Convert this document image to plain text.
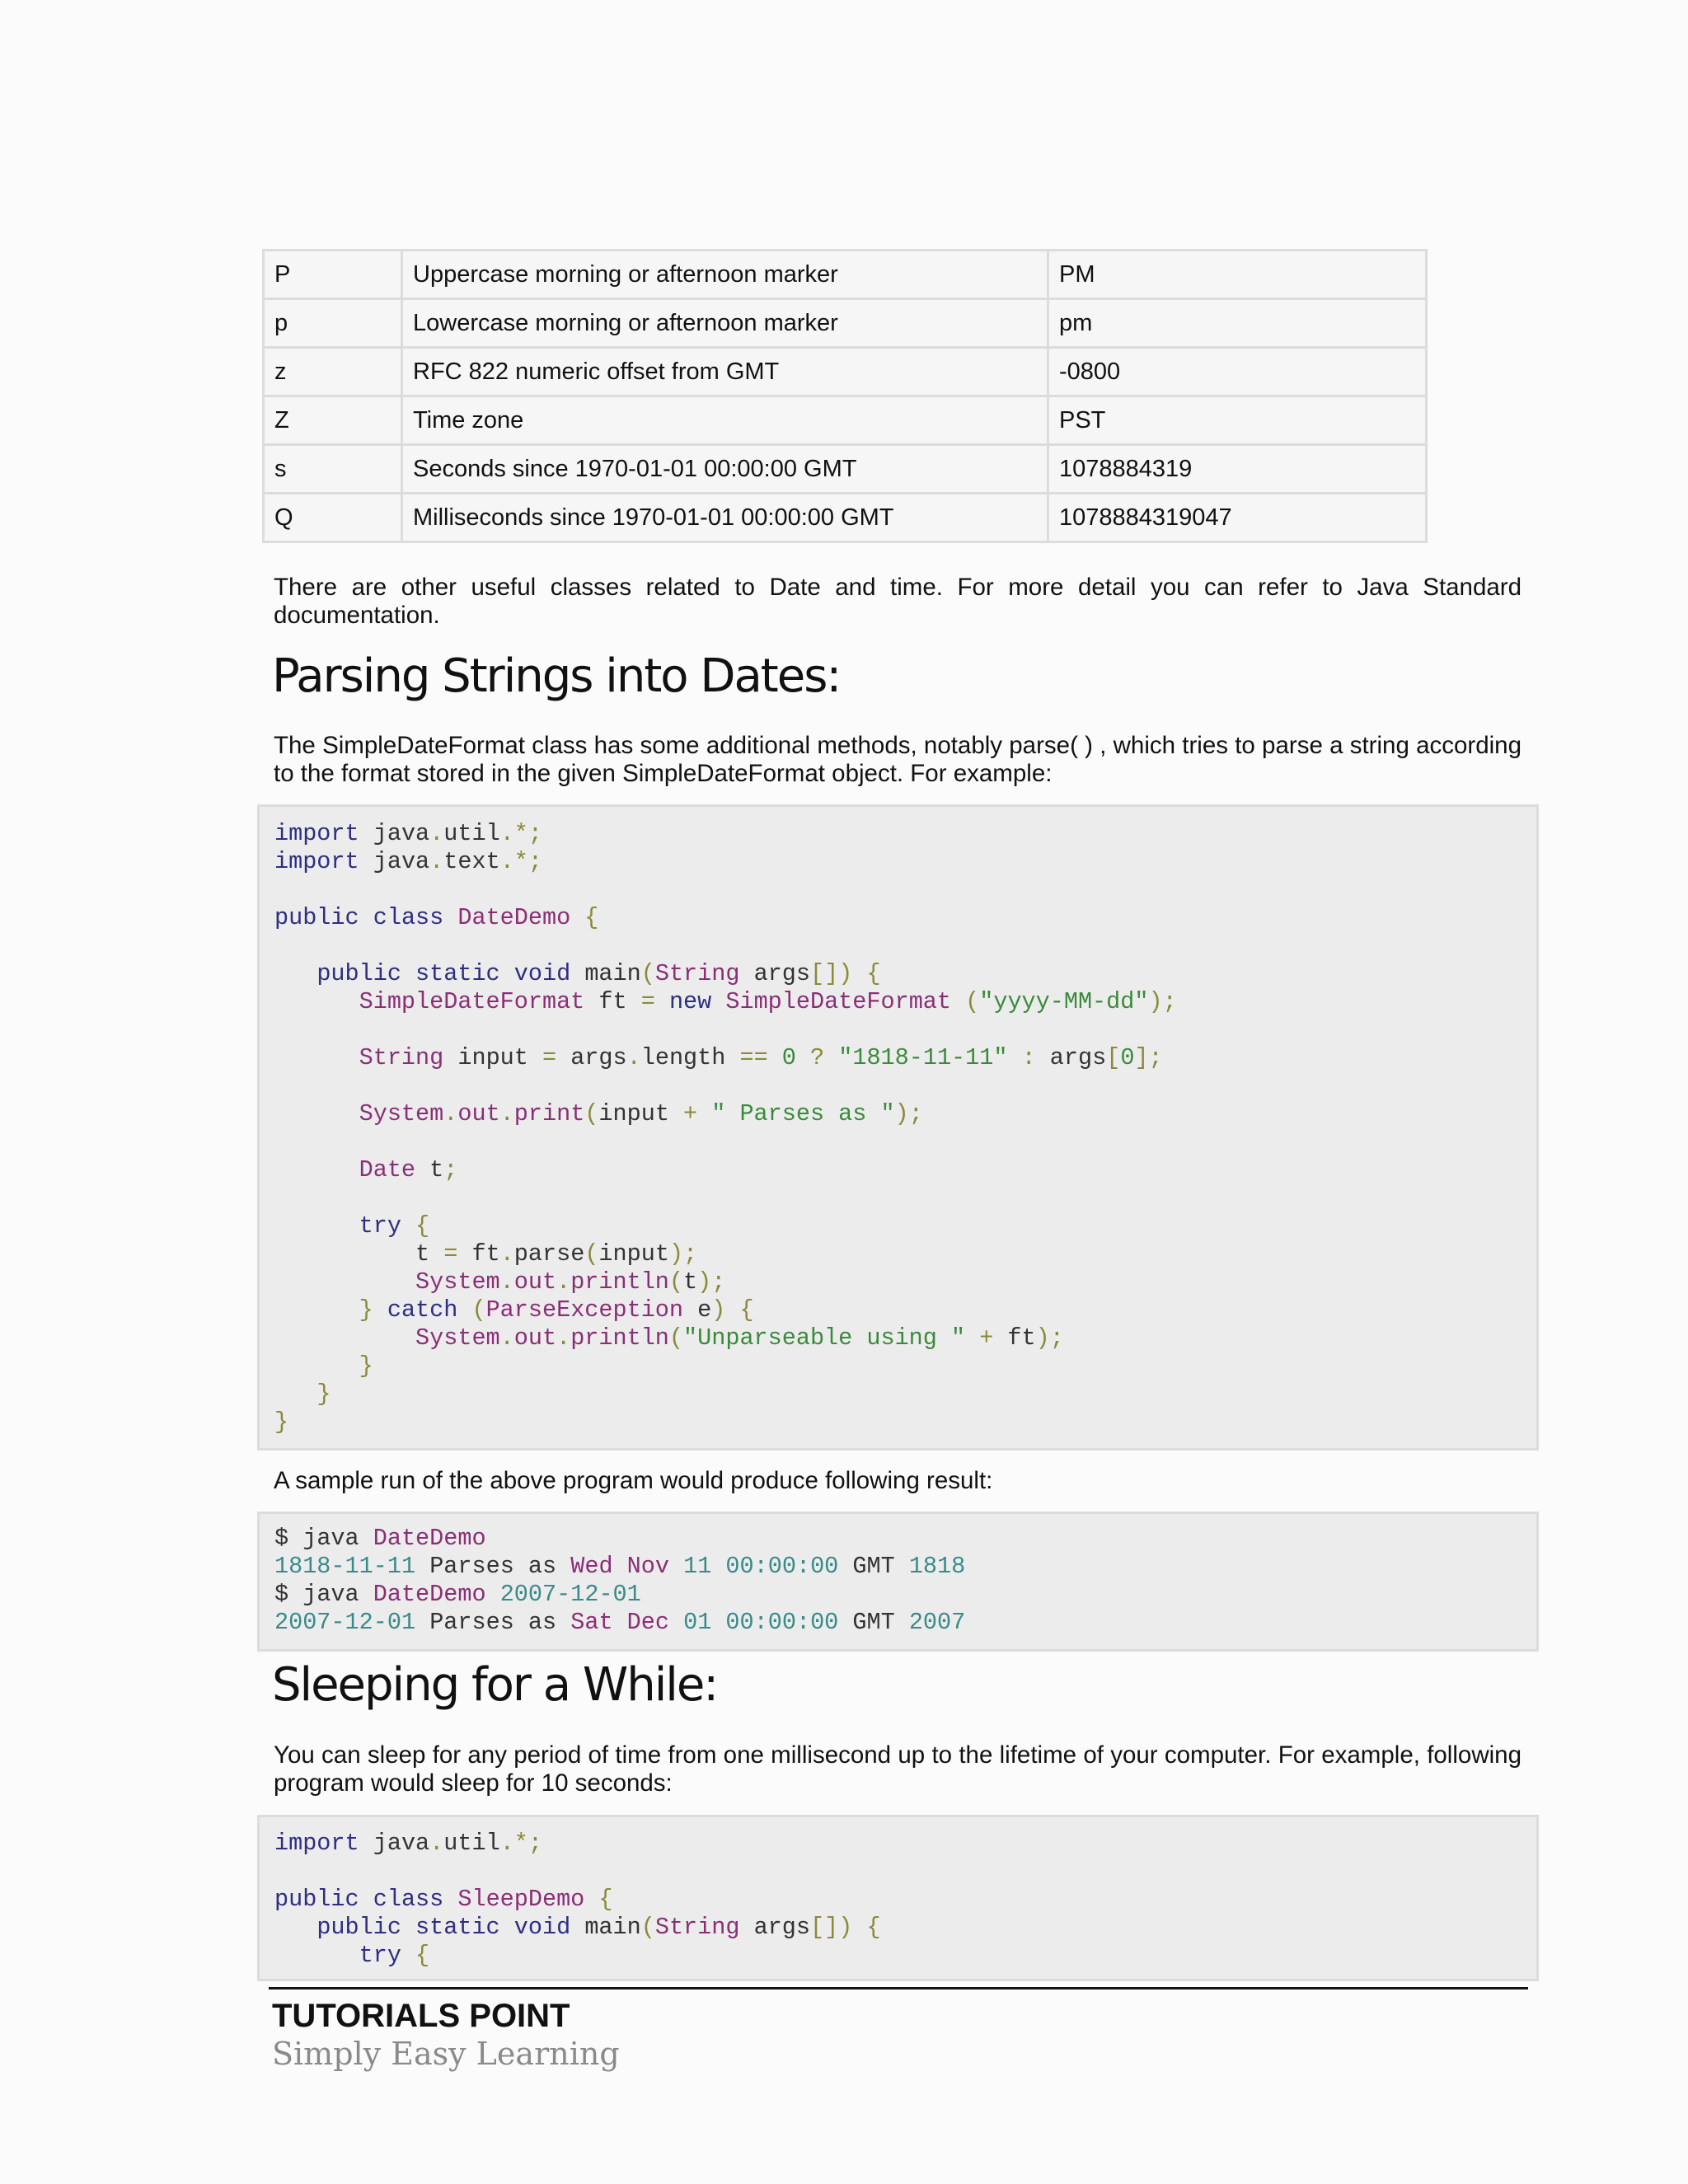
P	Uppercase morning or afternoon marker	PM
p	Lowercase morning or afternoon marker	pm
z	RFC 822 numeric offset from GMT	-0800
Z	Time zone	PST
s	Seconds since 1970-01-01 00:00:00 GMT	1078884319
Q	Milliseconds since 1970-01-01 00:00:00 GMT	1078884319047

There are other useful classes related to Date and time. For more detail you can refer to Java Standard documentation.

Parsing Strings into Dates:

The SimpleDateFormat class has some additional methods, notably parse( ) , which tries to parse a string according to the format stored in the given SimpleDateFormat object. For example:

import java.util.*;
import java.text.*;

public class DateDemo {

public static void main(String args[]) {
SimpleDateFormat ft = new SimpleDateFormat ("yyyy-MM-dd");

String input = args.length == 0 ? "1818-11-11" : args[0];

System.out.print(input + " Parses as ");

Date t;

try {
t = ft.parse(input);
System.out.println(t);
} catch (ParseException e) {
System.out.println("Unparseable using " + ft);
}
}
}

A sample run of the above program would produce following result:

$ java DateDemo
1818-11-11 Parses as Wed Nov 11 00:00:00 GMT 1818
$ java DateDemo 2007-12-01
2007-12-01 Parses as Sat Dec 01 00:00:00 GMT 2007
Sleeping for a While:

You can sleep for any period of time from one millisecond up to the lifetime of your computer. For example, following program would sleep for 10 seconds:

import java.util.*;

public class SleepDemo {
public static void main(String args[]) {
try {
TUTORIALS POINT
Simply Easy Learning
